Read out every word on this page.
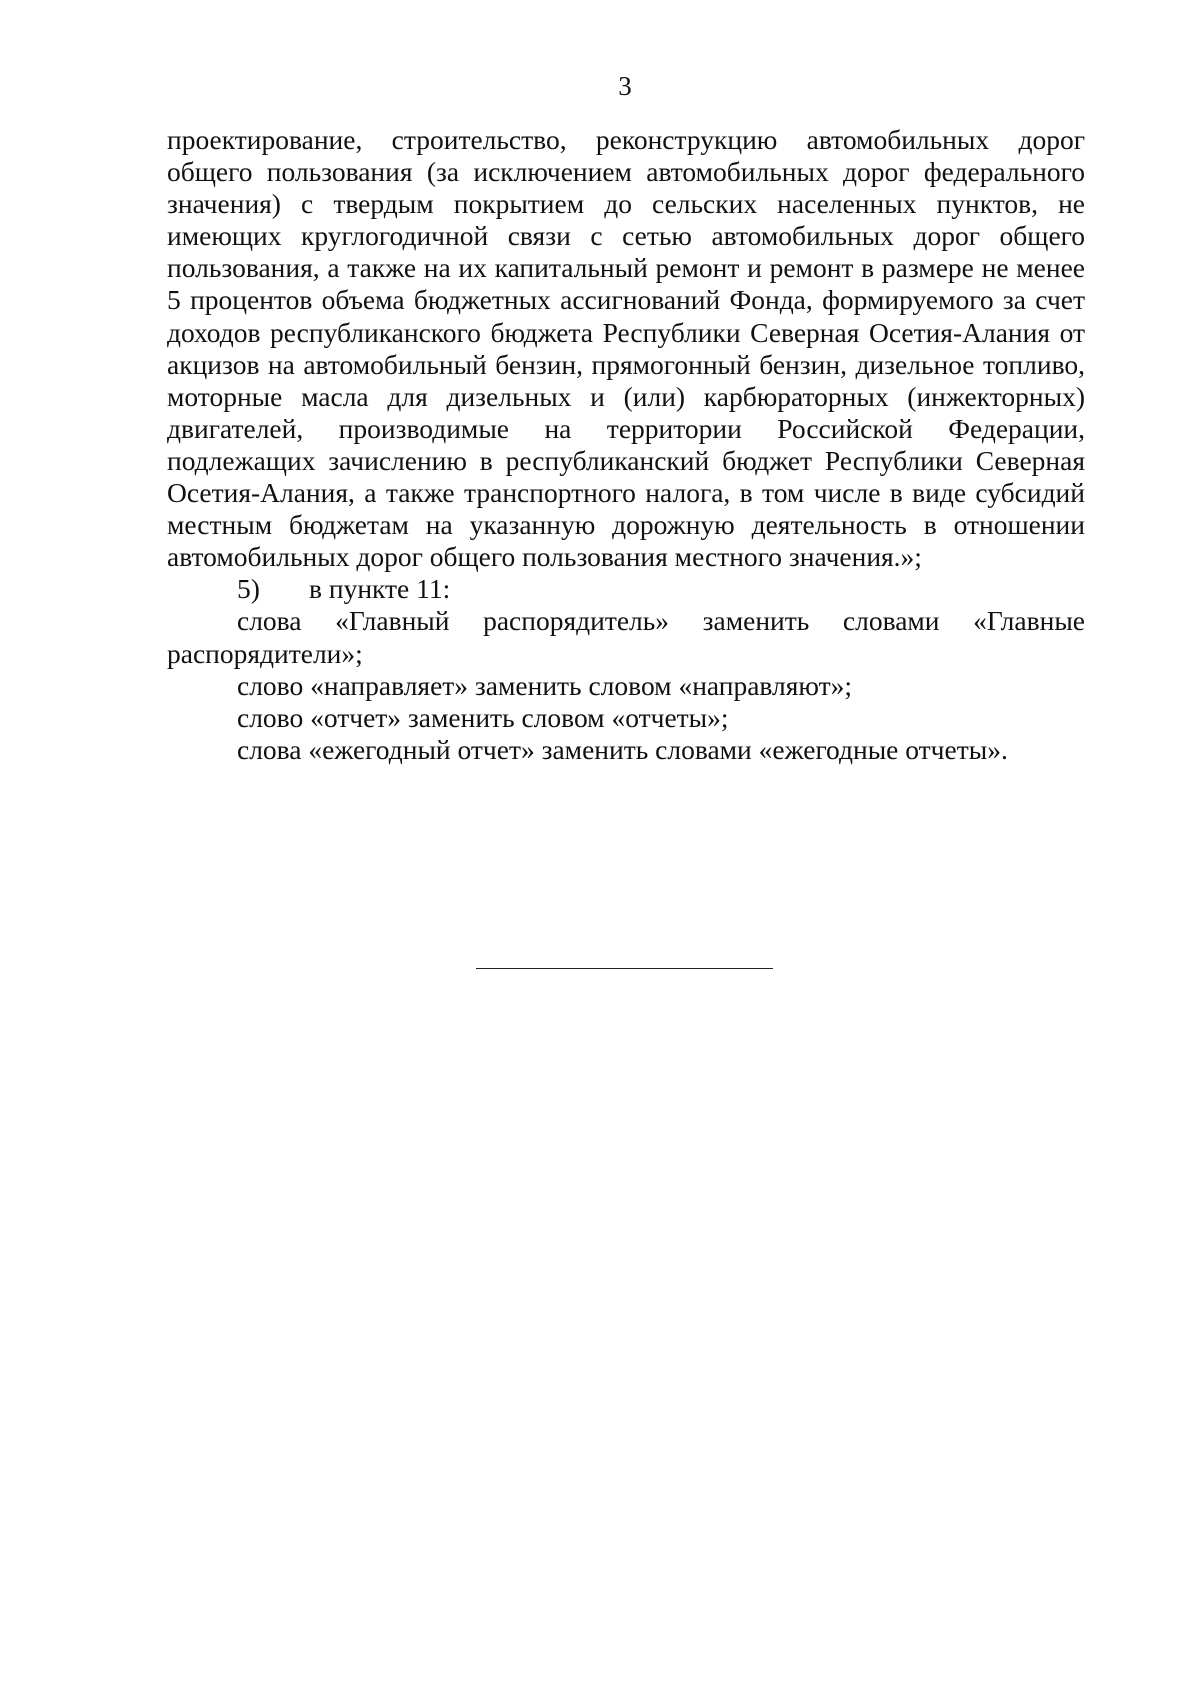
3

проектирование, строительство, реконструкцию автомобильных дорог общего пользования (за исключением автомобильных дорог федерального значения) с твердым покрытием до сельских населенных пунктов, не имеющих круглогодичной связи с сетью автомобильных дорог общего пользования, а также на их капитальный ремонт и ремонт в размере не менее 5 процентов объема бюджетных ассигнований Фонда, формируемого за счет доходов республиканского бюджета Республики Северная Осетия-Алания от акцизов на автомобильный бензин, прямогонный бензин, дизельное топливо, моторные масла для дизельных и (или) карбюраторных (инжекторных) двигателей, производимые на территории Российской Федерации, подлежащих зачислению в республиканский бюджет Республики Северная Осетия-Алания, а также транспортного налога, в том числе в виде субсидий местным бюджетам на указанную дорожную деятельность в отношении автомобильных дорог общего пользования местного значения.»;

5) в пункте 11:

слова «Главный распорядитель» заменить словами «Главные распорядители»;

слово «направляет» заменить словом «направляют»;

слово «отчет» заменить словом «отчеты»;

слова «ежегодный отчет» заменить словами «ежегодные отчеты».
